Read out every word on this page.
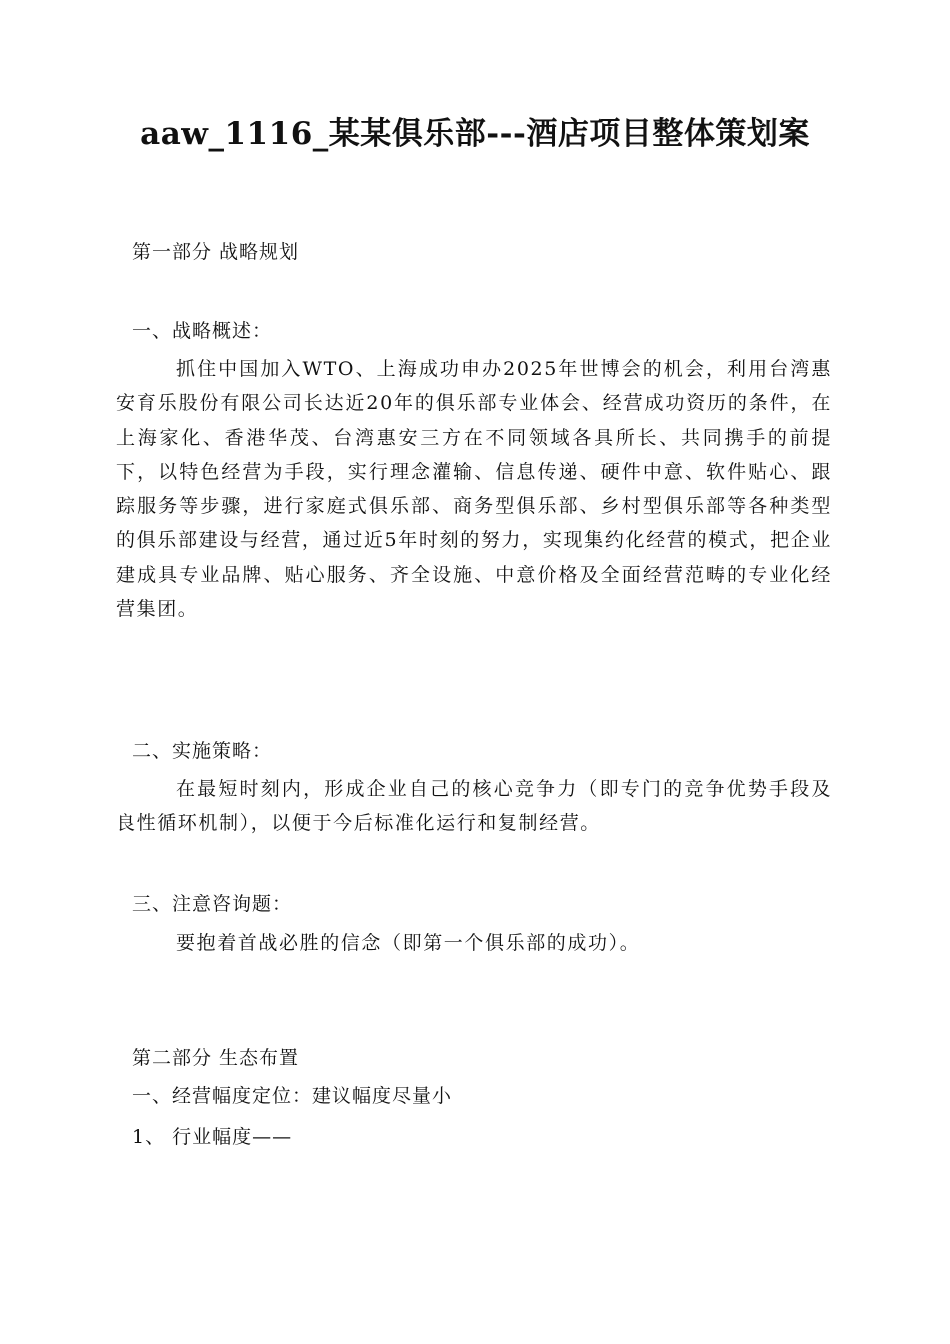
aaw_1116_某某俱乐部---酒店项目整体策划案
第一部分 战略规划
一、战略概述：

抓住中国加入WTO、上海成功申办2025年世博会的机会，利用台湾惠安育乐股份有限公司长达近20年的俱乐部专业体会、经营成功资历的条件，在上海家化、香港华茂、台湾惠安三方在不同领域各具所长、共同携手的前提下，以特色经营为手段，实行理念灌输、信息传递、硬件中意、软件贴心、跟踪服务等步骤，进行家庭式俱乐部、商务型俱乐部、乡村型俱乐部等各种类型的俱乐部建设与经营，通过近5年时刻的努力，实现集约化经营的模式，把企业建成具专业品牌、贴心服务、齐全设施、中意价格及全面经营范畴的专业化经营集团。

二、实施策略：

在最短时刻内，形成企业自己的核心竞争力（即专门的竞争优势手段及良性循环机制），以便于今后标准化运行和复制经营。

三、注意咨询题：

要抱着首战必胜的信念（即第一个俱乐部的成功）。

第二部分 生态布置
一、经营幅度定位：建议幅度尽量小
1、 行业幅度——
